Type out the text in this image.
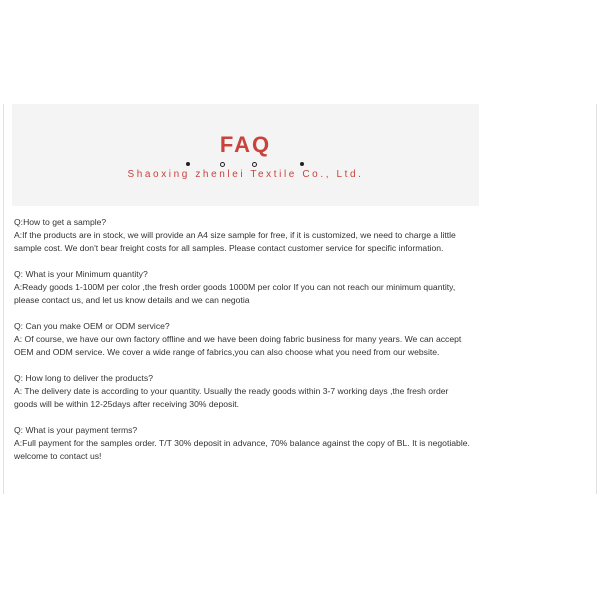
FAQ
Shaoxing zhenlei Textile Co., Ltd.

Q:How to get a sample?

A:If the products are in stock, we will provide an A4 size sample for free, if it is customized, we need to charge a little sample cost. We don't bear freight costs for all samples. Please contact customer service for specific information.

Q: What is your Minimum quantity?

A:Ready goods 1-100M per color ,the fresh order goods 1000M per color If you can not reach our minimum quantity, please contact us, and let us know details and we can negotia

Q: Can you make OEM or ODM service?

A: Of course, we have our own factory offline and we have been doing fabric business for many years. We can accept OEM and ODM service. We cover a wide range of fabrics,you can also choose what you need from our website.

Q: How long to deliver the products?

A: The delivery date is according to your quantity. Usually the ready goods within 3-7 working days ,the fresh order goods will be within 12-25days after receiving 30% deposit.

Q: What is your payment terms?

A:Full payment for the samples order. T/T 30% deposit in advance, 70% balance against the copy of BL. It is negotiable. welcome to contact us!
